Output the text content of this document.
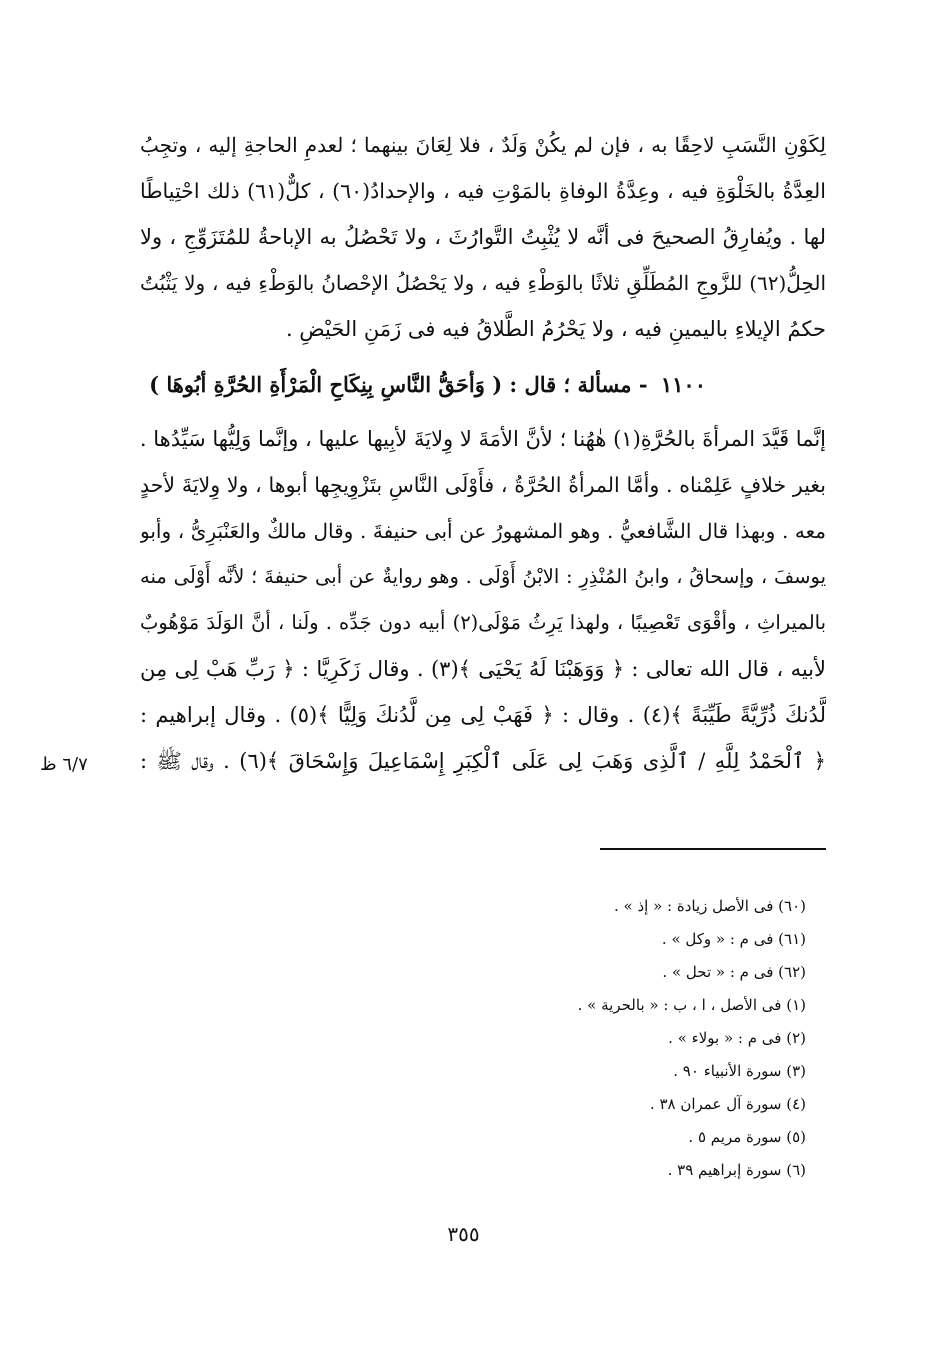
لِكَوْنِ النَّسَبِ لاحِقًا به ، فإن لم يكُنْ وَلَدٌ ، فلا لِعَانَ بينهما ؛ لعدمِ الحاجةِ إليه ، وتجِبُ
العِدَّةُ بالخَلْوَةِ فيه ، وعِدَّةُ الوفاةِ بالمَوْتِ فيه ، والإحدادُ(٦٠) ، كلٌّ(٦١) ذلك احْتِياطًا
لها . ويُفارِقُ الصحيحَ فى أنَّه لا يُثْبِتُ التَّوارُثَ ، ولا تَحْصُلُ به الإباحةُ للمُتَزَوِّجِ ، ولا
الحِلُّ(٦٢) للزَّوجِ المُطَلِّقِ ثلاثًا بالوَطْءِ فيه ، ولا يَحْصُلُ الإحْصانُ بالوَطْءِ فيه ، ولا يَثْبُتُ
حكمُ الإيلاءِ باليمينِ فيه ، ولا يَحْرُمُ الطَّلاقُ فيه فى زَمَنِ الحَيْضِ .
١١٠٠ - مسألة ؛ قال : ( وَأحَقُّ النَّاسِ بِنِكَاحِ الْمَرْأَةِ الحُرَّةِ أبُوهَا )
إنَّما قَيَّدَ المرأةَ بالحُرَّةِ(١) هٰهُنا ؛ لأنَّ الأمَةَ لا وِلايَةَ لأبِيها عليها ، وإنَّما وَلِيُّها سَيِّدُها .
بغير خلافٍ عَلِمْناه . وأمَّا المرأةُ الحُرَّةُ ، فأَوْلَى النَّاسِ بتَزْوِيجِها أبوها ، ولا وِلايَةَ لأحدٍ
معه . وبهذا قال الشَّافعيُّ . وهو المشهورُ عن أبى حنيفةَ . وقال مالكٌ والعَنْبَرِىُّ ، وأبو
يوسفَ ، وإسحاقُ ، وابنُ المُنْذِرِ : الابْنُ أَوْلَى . وهو روايةٌ عن أبى حنيفةَ ؛ لأنَّه أَوْلَى منه
بالميراثِ ، وأقْوَى تَعْصِيبًا ، ولهذا يَرِثُ مَوْلَى(٢) أبيه دون جَدِّه . ولَنا ، أنَّ الوَلَدَ مَوْهُوبٌ
لأبيه ، قال الله تعالى : ﴿ وَوَهَبْنَا لَهُ يَحْيَى ﴾(٣) . وقال زَكَرِيَّا : ﴿ رَبِّ هَبْ لِى مِن
لَّدُنكَ ذُرِّيَّةً طَيِّبَةً ﴾(٤) . وقال : ﴿ فَهَبْ لِى مِن لَّدُنكَ وَلِيًّا ﴾(٥) . وقال إبراهيم :
﴿ ٱلْحَمْدُ لِلَّهِ / ٱلَّذِى وَهَبَ لِى عَلَى ٱلْكِبَرِ إِسْمَاعِيلَ وَإِسْحَاقَ ﴾(٦) . وقال ﷺ :
٦/٧ ظ
(٦٠) فى الأصل زيادة : « إذ » .
(٦١) فى م : « وكل » .
(٦٢) فى م : « تحل » .
(١) فى الأصل ، ا ، ب : « بالحرية » .
(٢) فى م : « بولاء » .
(٣) سورة الأنبياء ٩٠ .
(٤) سورة آل عمران ٣٨ .
(٥) سورة مريم ٥ .
(٦) سورة إبراهيم ٣٩ .
٣٥٥
